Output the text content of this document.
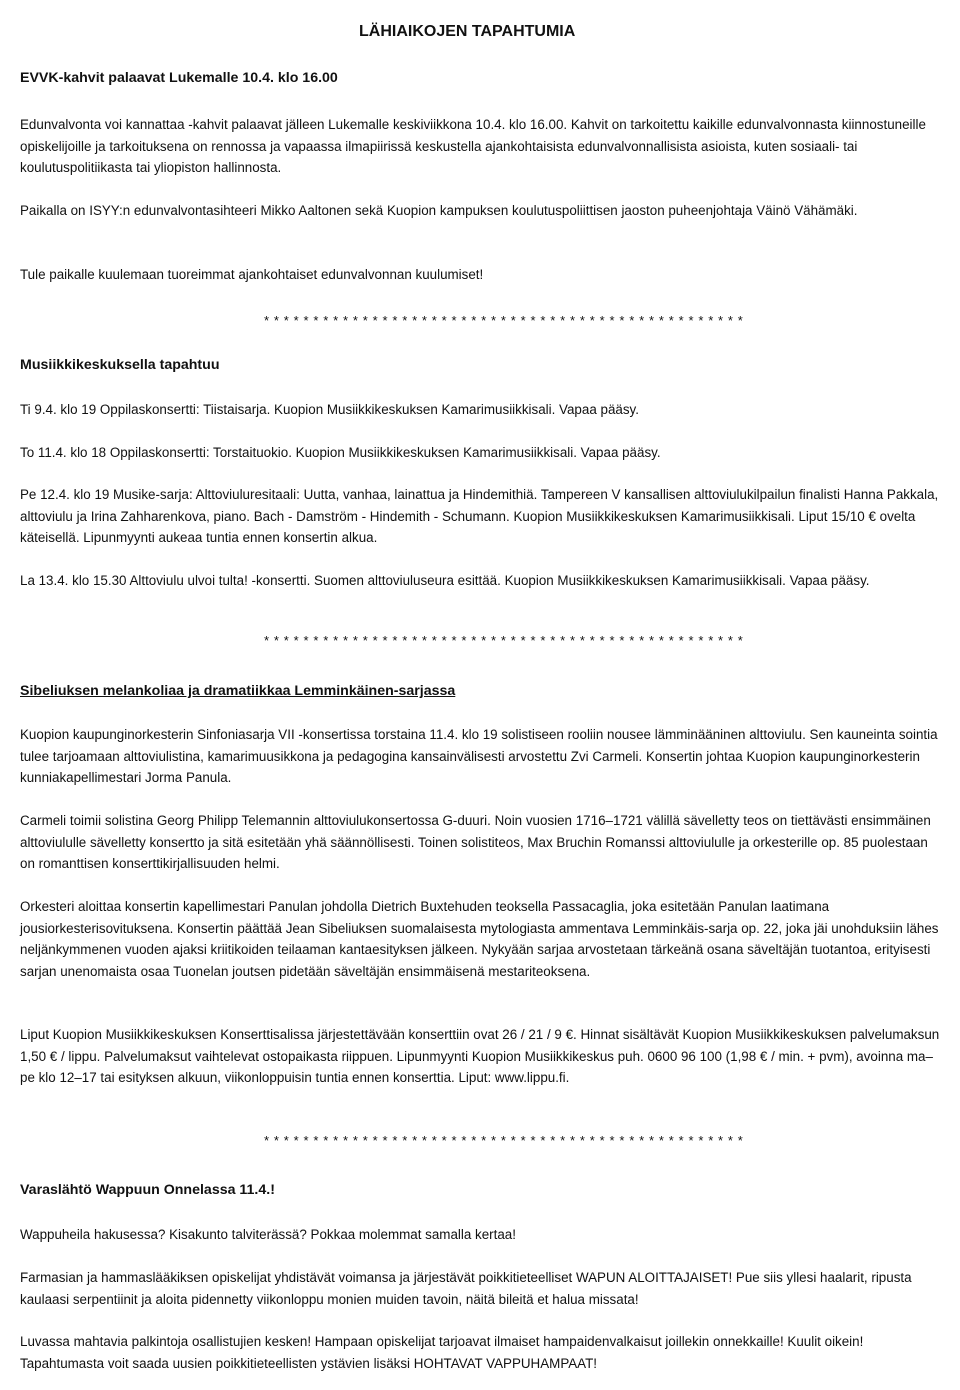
LÄHIAIKOJEN TAPAHTUMIA
EVVK-kahvit palaavat Lukemalle 10.4. klo 16.00

Edunvalvonta voi kannattaa -kahvit palaavat jälleen Lukemalle keskiviikkona 10.4. klo 16.00. Kahvit on tarkoitettu kaikille edunvalvonnasta kiinnostuneille opiskelijoille ja tarkoituksena on rennossa ja vapaassa ilmapiirissä keskustella ajankohtaisista edunvalvonnallisista asioista, kuten sosiaali- tai koulutuspolitiikasta tai yliopiston hallinnosta.

Paikalla on ISYY:n edunvalvontasihteeri Mikko Aaltonen sekä Kuopion kampuksen koulutuspoliittisen jaoston puheenjohtaja Väinö Vähämäki.

Tule paikalle kuulemaan tuoreimmat ajankohtaiset edunvalvonnan kuulumiset!

* * * * * * * * * * * * * * * * * * * * * * * * * * * * * * * * * * * * * * * * * * * * * * * * *
Musiikkikeskuksella tapahtuu

Ti 9.4. klo 19 Oppilaskonsertti: Tiistaisarja. Kuopion Musiikkikeskuksen Kamarimusiikkisali. Vapaa pääsy.

To 11.4. klo 18 Oppilaskonsertti: Torstaituokio. Kuopion Musiikkikeskuksen Kamarimusiikkisali. Vapaa pääsy.

Pe 12.4. klo 19 Musike-sarja: Alttoviuluresitaali: Uutta, vanhaa, lainattua ja Hindemithiä. Tampereen V kansallisen alttoviulukilpailun finalisti Hanna Pakkala, alttoviulu ja Irina Zahharenkova, piano. Bach - Damström - Hindemith - Schumann. Kuopion Musiikkikeskuksen Kamarimusiikkisali. Liput 15/10 € ovelta käteisellä. Lipunmyynti aukeaa tuntia ennen konsertin alkua.

La 13.4. klo 15.30 Alttoviulu ulvoi tulta! -konsertti. Suomen alttoviuluseura esittää. Kuopion Musiikkikeskuksen Kamarimusiikkisali. Vapaa pääsy.

* * * * * * * * * * * * * * * * * * * * * * * * * * * * * * * * * * * * * * * * * * * * * * * * *
Sibeliuksen melankoliaa ja dramatiikkaa Lemminkäinen-sarjassa

Kuopion kaupunginorkesterin Sinfoniasarja VII -konsertissa torstaina 11.4. klo 19 solistiseen rooliin nousee lämminääninen alttoviulu. Sen kauneinta sointia tulee tarjoamaan alttoviulistina, kamarimuusikkona ja pedagogina kansainvälisesti arvostettu Zvi Carmeli. Konsertin johtaa Kuopion kaupunginorkesterin kunniakapellimestari Jorma Panula.

Carmeli toimii solistina Georg Philipp Telemannin alttoviulukonsertossa G-duuri. Noin vuosien 1716–1721 välillä sävelletty teos on tiettävästi ensimmäinen alttoviululle sävelletty konsertto ja sitä esitetään yhä säännöllisesti. Toinen solistiteos, Max Bruchin Romanssi alttoviululle ja orkesterille op. 85 puolestaan on romanttisen konserttikirjallisuuden helmi.

Orkesteri aloittaa konsertin kapellimestari Panulan johdolla Dietrich Buxtehuden teoksella Passacaglia, joka esitetään Panulan laatimana jousiorkesterisovituksena. Konsertin päättää Jean Sibeliuksen suomalaisesta mytologiasta ammentava Lemminkäis-sarja op. 22, joka jäi unohduksiin lähes neljänkymmenen vuoden ajaksi kriitikoiden teilaaman kantaesityksen jälkeen. Nykyään sarjaa arvostetaan tärkeänä osana säveltäjän tuotantoa, erityisesti sarjan unenomaista osaa Tuonelan joutsen pidetään säveltäjän ensimmäisenä mestariteoksena.

Liput Kuopion Musiikkikeskuksen Konserttisalissa järjestettävään konserttiin ovat 26 / 21 / 9 €. Hinnat sisältävät Kuopion Musiikkikeskuksen palvelumaksun 1,50 € / lippu. Palvelumaksut vaihtelevat ostopaikasta riippuen. Lipunmyynti Kuopion Musiikkikeskus puh. 0600 96 100 (1,98 € / min. + pvm), avoinna ma–pe klo 12–17 tai esityksen alkuun, viikonloppuisin tuntia ennen konserttia. Liput: www.lippu.fi.

* * * * * * * * * * * * * * * * * * * * * * * * * * * * * * * * * * * * * * * * * * * * * * * * *
Varaslähtö Wappuun Onnelassa 11.4.!

Wappuheila hakusessa? Kisakunto talviterässä? Pokkaa molemmat samalla kertaa!

Farmasian ja hammaslääkiksen opiskelijat yhdistävät voimansa ja järjestävät poikkitieteelliset WAPUN ALOITTAJAISET! Pue siis yllesi haalarit, ripusta kaulaasi serpentiinit ja aloita pidennetty viikonloppu monien muiden tavoin, näitä bileitä et halua missata!

Luvassa mahtavia palkintoja osallistujien kesken! Hampaan opiskelijat tarjoavat ilmaiset hampaidenvalkaisut joillekin onnekkaille! Kuulit oikein! Tapahtumasta voit saada uusien poikkitieteellisten ystävien lisäksi HOHTAVAT VAPPUHAMPAAT!
